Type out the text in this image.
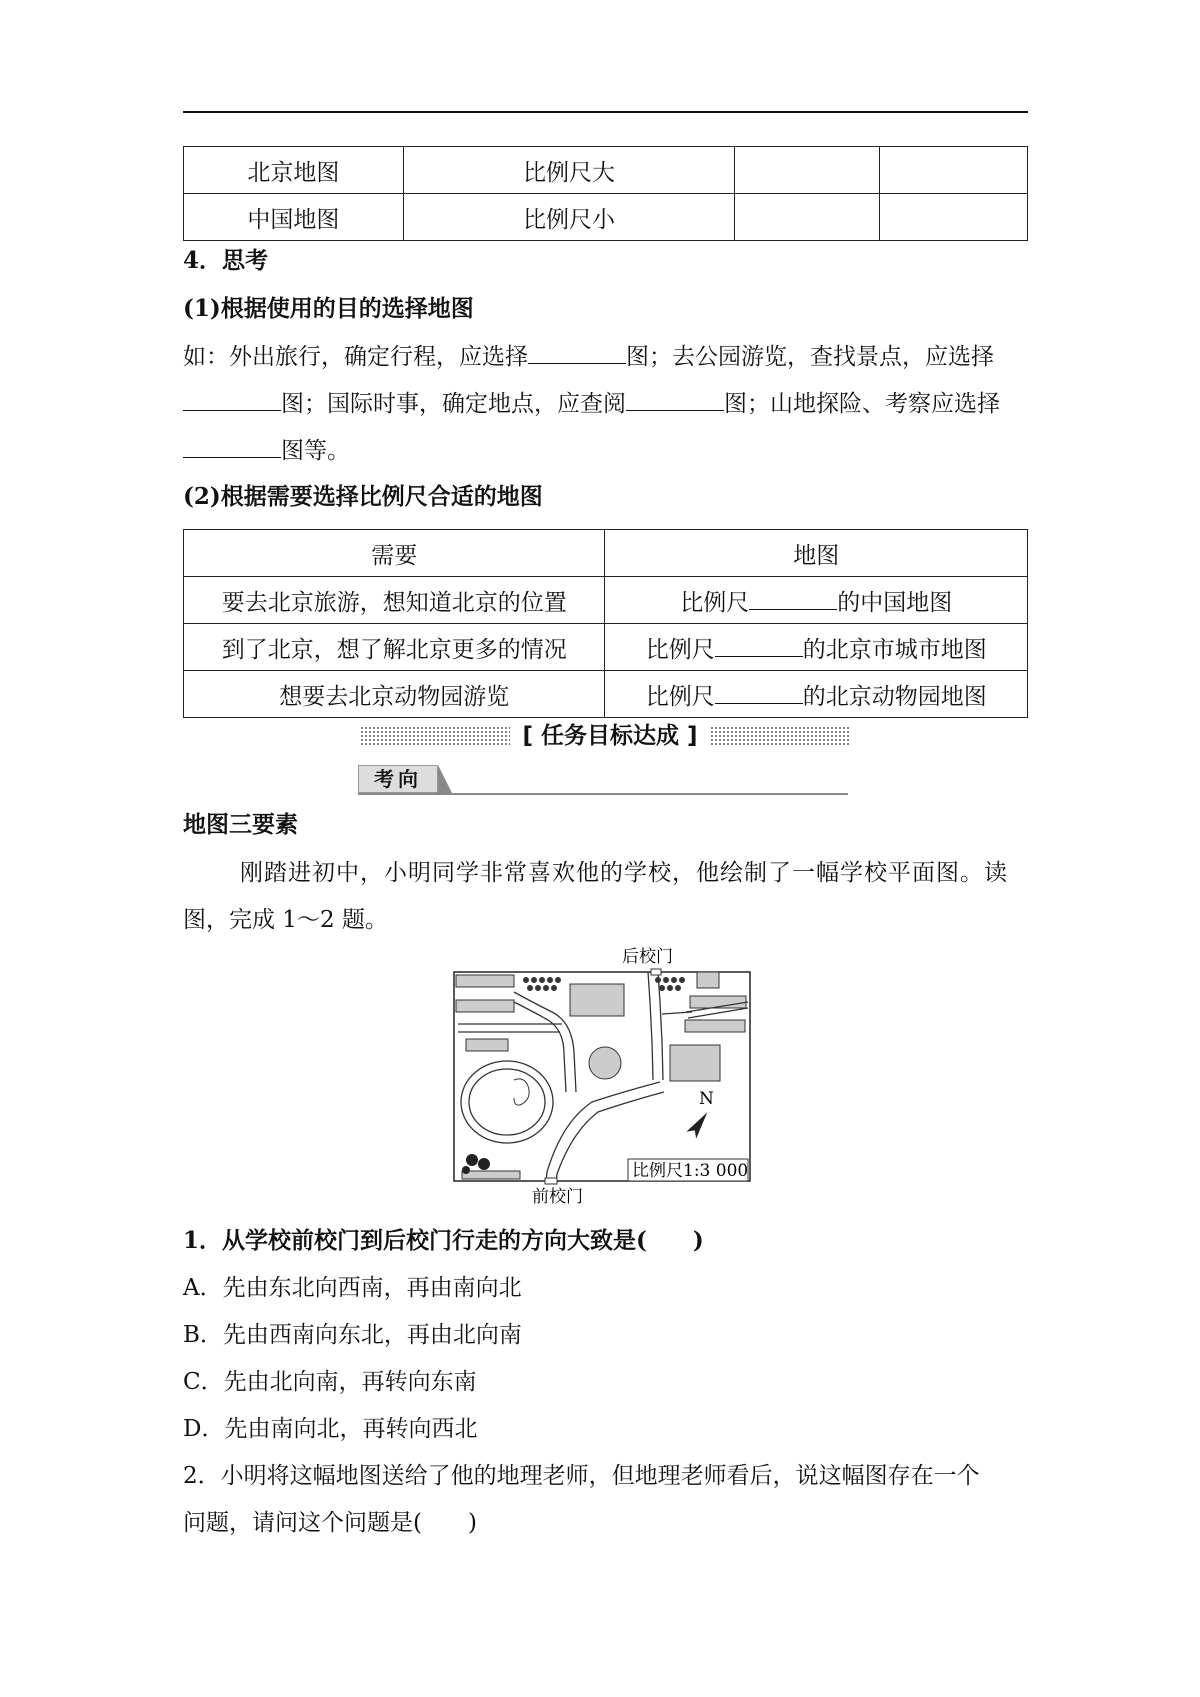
北京地图	比例尺大		
中国地图	比例尺小		
4．思考
(1)根据使用的目的选择地图
如：外出旅行，确定行程，应选择	图；去公园游览，查找景点，应选择
图；国际时事，确定地点，应查阅	图；山地探险、考察应选择
图等。
(2)根据需要选择比例尺合适的地图
需要	地图
要去北京旅游，想知道北京的位置	比例尺 的中国地图
到了北京，想了解北京更多的情况	比例尺 的北京市城市地图
想要去北京动物园游览	比例尺 的北京动物园地图
[ 任务目标达成 ]
考向
地图三要素
刚踏进初中，小明同学非常喜欢他的学校，他绘制了一幅学校平面图。读
图，完成 1～2 题。
后校门
N
比例尺1:3 000
前校门
1．从学校前校门到后校门行走的方向大致是(　　)
A．先由东北向西南，再由南向北
B．先由西南向东北，再由北向南
C．先由北向南，再转向东南
D．先由南向北，再转向西北
2．小明将这幅地图送给了他的地理老师，但地理老师看后，说这幅图存在一个
问题，请问这个问题是(　　)
